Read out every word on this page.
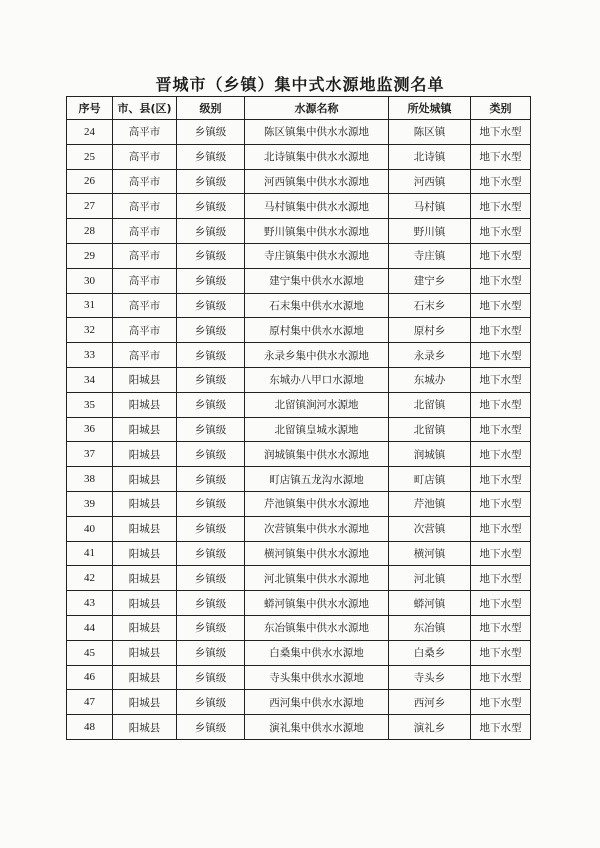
晋城市（乡镇）集中式水源地监测名单
序号	市、县(区)	级别	水源名称	所处城镇	类别
24	高平市	乡镇级	陈区镇集中供水水源地	陈区镇	地下水型
25	高平市	乡镇级	北诗镇集中供水水源地	北诗镇	地下水型
26	高平市	乡镇级	河西镇集中供水水源地	河西镇	地下水型
27	高平市	乡镇级	马村镇集中供水水源地	马村镇	地下水型
28	高平市	乡镇级	野川镇集中供水水源地	野川镇	地下水型
29	高平市	乡镇级	寺庄镇集中供水水源地	寺庄镇	地下水型
30	高平市	乡镇级	建宁集中供水水源地	建宁乡	地下水型
31	高平市	乡镇级	石末集中供水水源地	石末乡	地下水型
32	高平市	乡镇级	原村集中供水水源地	原村乡	地下水型
33	高平市	乡镇级	永录乡集中供水水源地	永录乡	地下水型
34	阳城县	乡镇级	东城办八甲口水源地	东城办	地下水型
35	阳城县	乡镇级	北留镇涧河水源地	北留镇	地下水型
36	阳城县	乡镇级	北留镇皇城水源地	北留镇	地下水型
37	阳城县	乡镇级	润城镇集中供水水源地	润城镇	地下水型
38	阳城县	乡镇级	町店镇五龙沟水源地	町店镇	地下水型
39	阳城县	乡镇级	芹池镇集中供水水源地	芹池镇	地下水型
40	阳城县	乡镇级	次营镇集中供水水源地	次营镇	地下水型
41	阳城县	乡镇级	横河镇集中供水水源地	横河镇	地下水型
42	阳城县	乡镇级	河北镇集中供水水源地	河北镇	地下水型
43	阳城县	乡镇级	蟒河镇集中供水水源地	蟒河镇	地下水型
44	阳城县	乡镇级	东冶镇集中供水水源地	东冶镇	地下水型
45	阳城县	乡镇级	白桑集中供水水源地	白桑乡	地下水型
46	阳城县	乡镇级	寺头集中供水水源地	寺头乡	地下水型
47	阳城县	乡镇级	西河集中供水水源地	西河乡	地下水型
48	阳城县	乡镇级	演礼集中供水水源地	演礼乡	地下水型
